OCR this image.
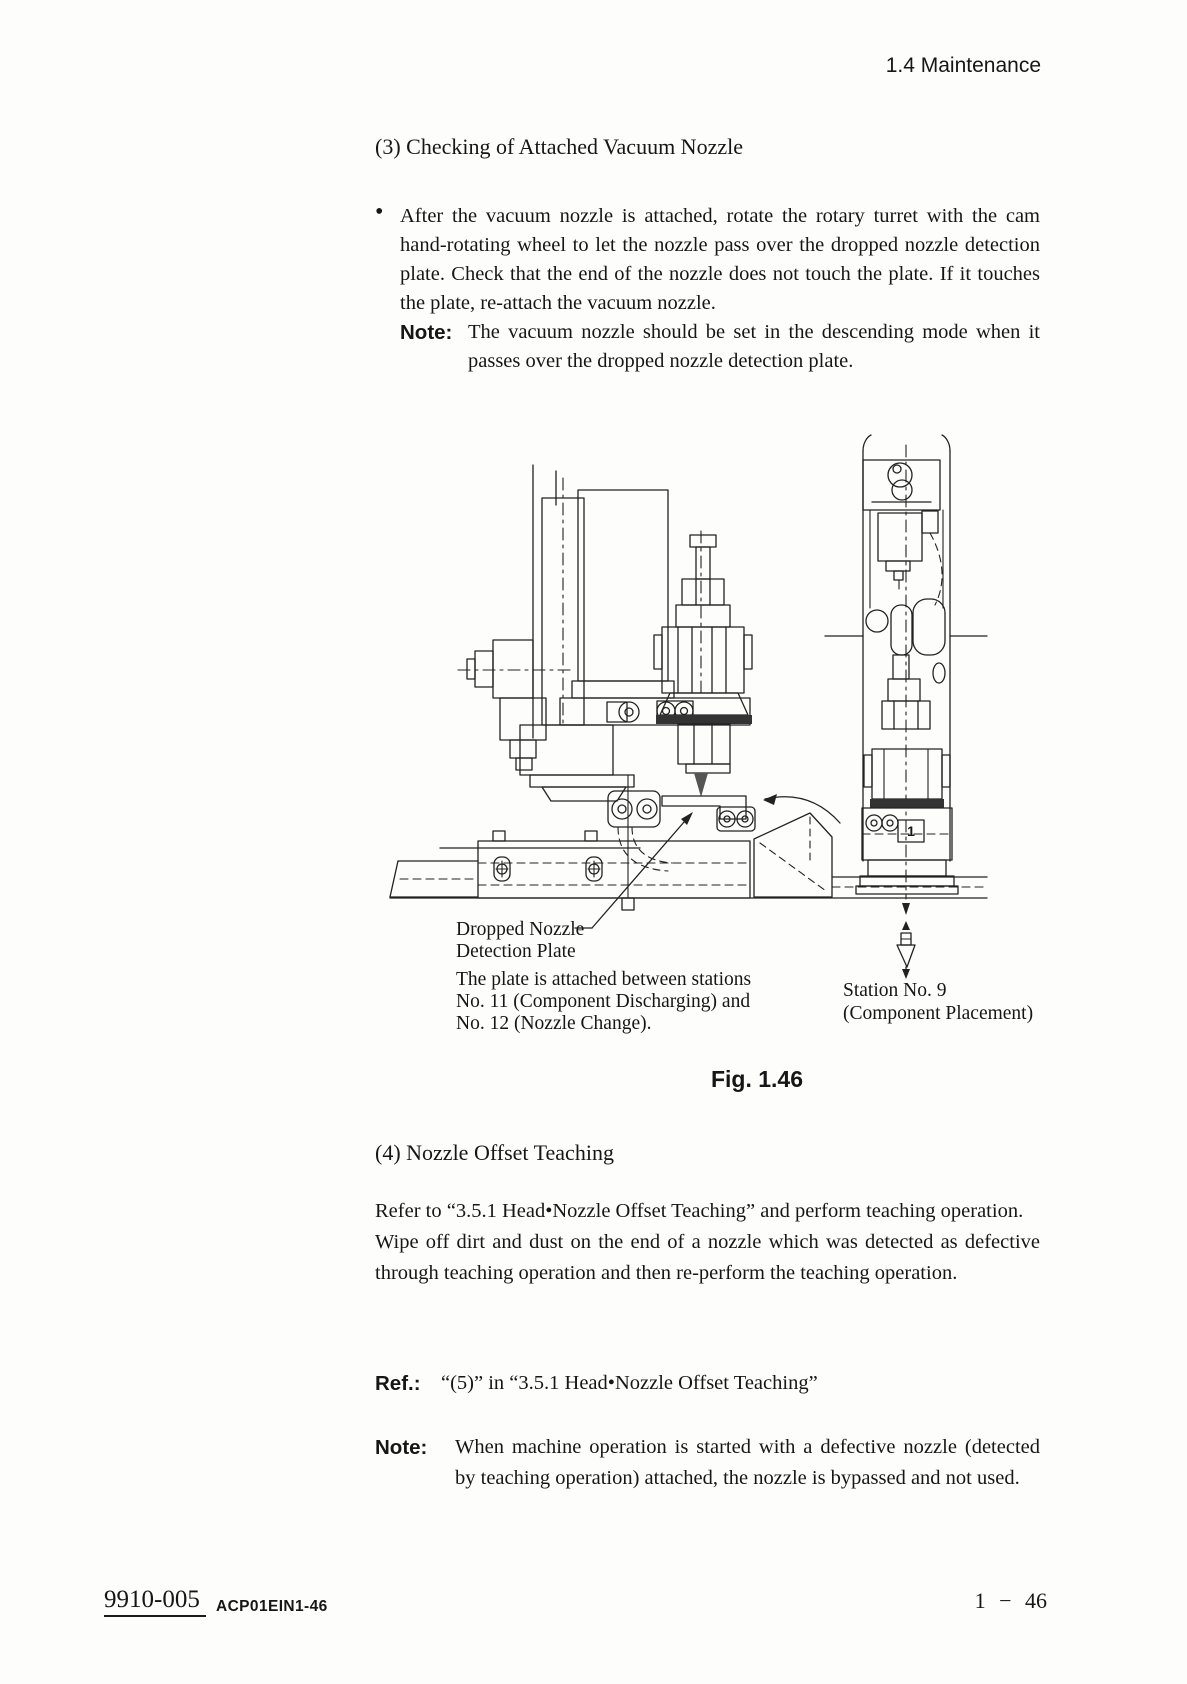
1.4 Maintenance
(3) Checking of Attached Vacuum Nozzle
• After the vacuum nozzle is attached, rotate the rotary turret with the cam hand-rotating wheel to let the nozzle pass over the dropped nozzle detection plate. Check that the end of the nozzle does not touch the plate. If it touches the plate, re-attach the vacuum nozzle.
Note: The vacuum nozzle should be set in the descending mode when it passes over the dropped nozzle detection plate.
Dropped Nozzle
Detection Plate
The plate is attached between stations
No. 11 (Component Discharging) and
No. 12 (Nozzle Change).
Station No. 9
(Component Placement)
1
Fig. 1.46
(4) Nozzle Offset Teaching

Refer to “3.5.1 Head•Nozzle Offset Teaching” and perform teaching operation.

Wipe off dirt and dust on the end of a nozzle which was detected as defective through teaching operation and then re-perform the teaching operation.

Ref.: “(5)” in “3.5.1 Head•Nozzle Offset Teaching”
Note:	When machine operation is started with a defective nozzle (detected by teaching operation) attached, the nozzle is bypassed and not used.
9910-005	ACP01EIN1-46	1 − 46
